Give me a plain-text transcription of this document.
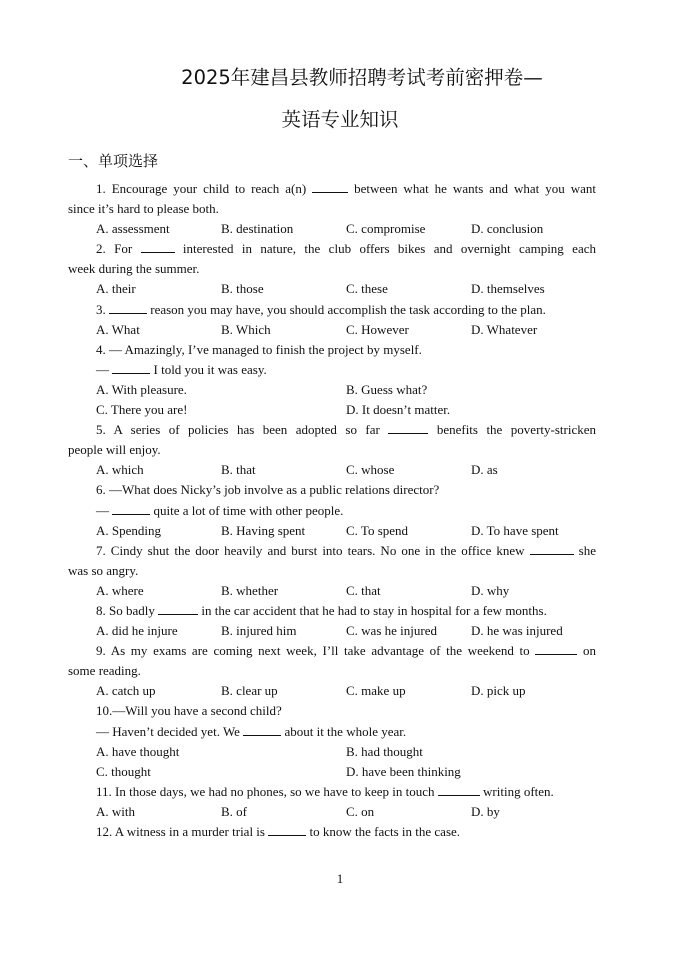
2025年建昌县教师招聘考试考前密押卷—
英语专业知识
一、单项选择
1. Encourage your child to reach a(n)	between what he wants and what you want
since it’s hard to please both.
A. assessment	B. destination	C. compromise	D. conclusion
2. For	interested in nature, the club offers bikes and overnight camping each
week during the summer.
A. their	B. those	C. these	D. themselves
3.	reason you may have, you should accomplish the task according to the plan.
A. What	B. Which	C. However	D. Whatever
4. — Amazingly, I’ve managed to finish the project by myself.
—	I told you it was easy.
A. With pleasure.	B. Guess what?
C. There you are!	D. It doesn’t matter.
5. A series of policies has been adopted so far	benefits the poverty-stricken
people will enjoy.
A. which	B. that	C. whose	D. as
6. —What does Nicky’s job involve as a public relations director?
—	quite a lot of time with other people.
A. Spending	B. Having spent	C. To spend	D. To have spent
7. Cindy shut the door heavily and burst into tears. No one in the office knew	she
was so angry.
A. where	B. whether	C. that	D. why
8. So badly	in the car accident that he had to stay in hospital for a few months.
A. did he injure	B. injured him	C. was he injured	D. he was injured
9. As my exams are coming next week, I’ll take advantage of the weekend to	on
some reading.
A. catch up	B. clear up	C. make up	D. pick up
10.—Will you have a second child?
— Haven’t decided yet. We	about it the whole year.
A. have thought	B. had thought
C. thought	D. have been thinking
11. In those days, we had no phones, so we have to keep in touch	writing often.
A. with	B. of	C. on	D. by
12. A witness in a murder trial is	to know the facts in the case.
1
